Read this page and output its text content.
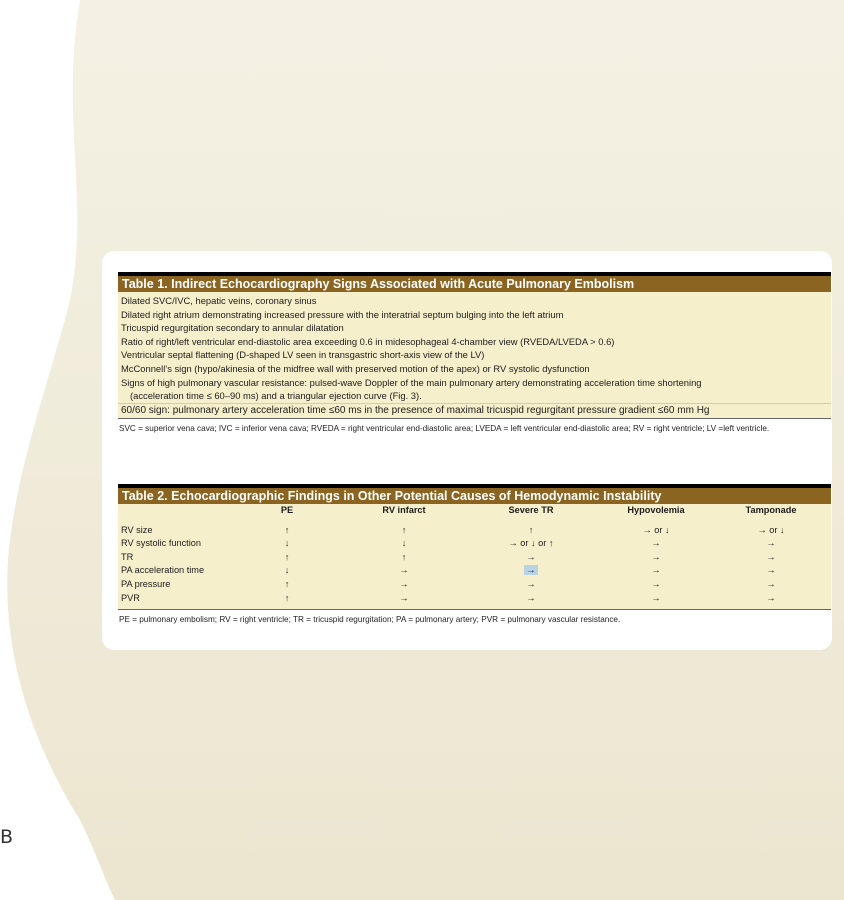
B
Table 1. Indirect Echocardiography Signs Associated with Acute Pulmonary Embolism
Dilated SVC/IVC, hepatic veins, coronary sinus
Dilated right atrium demonstrating increased pressure with the interatrial septum bulging into the left atrium
Tricuspid regurgitation secondary to annular dilatation
Ratio of right/left ventricular end-diastolic area exceeding 0.6 in midesophageal 4-chamber view (RVEDA/LVEDA > 0.6)
Ventricular septal flattening (D-shaped LV seen in transgastric short-axis view of the LV)
McConnell’s sign (hypo/akinesia of the midfree wall with preserved motion of the apex) or RV systolic dysfunction
Signs of high pulmonary vascular resistance: pulsed-wave Doppler of the main pulmonary artery demonstrating acceleration time shortening
(acceleration time ≤ 60–90 ms) and a triangular ejection curve (Fig. 3).
60/60 sign: pulmonary artery acceleration time ≤60 ms in the presence of maximal tricuspid regurgitant pressure gradient ≤60 mm Hg
SVC = superior vena cava; IVC = inferior vena cava; RVEDA = right ventricular end-diastolic area; LVEDA = left ventricular end-diastolic area; RV = right ventricle; LV =left ventricle.
Table 2. Echocardiographic Findings in Other Potential Causes of Hemodynamic Instability
PE	RV infarct	Severe TR	Hypovolemia	Tamponade
RV size	↑	↑	↑	→ or ↓	→ or ↓
RV systolic function	↓	↓	→ or ↓ or ↑	→	→
TR	↑	↑	→	→	→
PA acceleration time	↓	→	→	→	→
PA pressure	↑	→	→	→	→
PVR	↑	→	→	→	→
PE = pulmonary embolism; RV = right ventricle; TR = tricuspid regurgitation; PA = pulmonary artery; PVR = pulmonary vascular resistance.
